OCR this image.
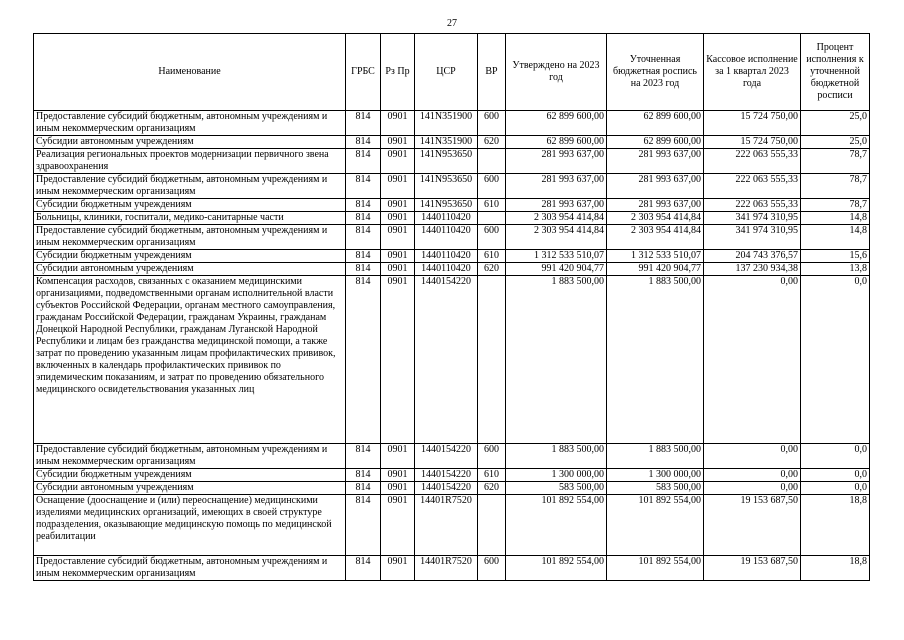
27
Наименование	ГРБС	Рз Пр	ЦСР	ВР	Утверждено на 2023 год	Уточненная бюджетная роспись на 2023 год	Кассовое исполнение за 1 квартал 2023 года	Процент исполнения к уточненной бюджетной росписи
Предоставление субсидий бюджетным, автономным учреждениям и иным некоммерческим организациям	814	0901	141N351900	600	62 899 600,00	62 899 600,00	15 724 750,00	25,0
Субсидии автономным учреждениям	814	0901	141N351900	620	62 899 600,00	62 899 600,00	15 724 750,00	25,0
Реализация региональных проектов модернизации первичного звена здравоохранения	814	0901	141N953650		281 993 637,00	281 993 637,00	222 063 555,33	78,7
Предоставление субсидий бюджетным, автономным учреждениям и иным некоммерческим организациям	814	0901	141N953650	600	281 993 637,00	281 993 637,00	222 063 555,33	78,7
Субсидии бюджетным учреждениям	814	0901	141N953650	610	281 993 637,00	281 993 637,00	222 063 555,33	78,7
Больницы, клиники, госпитали, медико-санитарные части	814	0901	1440110420		2 303 954 414,84	2 303 954 414,84	341 974 310,95	14,8
Предоставление субсидий бюджетным, автономным учреждениям и иным некоммерческим организациям	814	0901	1440110420	600	2 303 954 414,84	2 303 954 414,84	341 974 310,95	14,8
Субсидии бюджетным учреждениям	814	0901	1440110420	610	1 312 533 510,07	1 312 533 510,07	204 743 376,57	15,6
Субсидии автономным учреждениям	814	0901	1440110420	620	991 420 904,77	991 420 904,77	137 230 934,38	13,8
Компенсация расходов, связанных с оказанием медицинскими организациями, подведомственными органам исполнительной власти субъектов Российской Федерации, органам местного самоуправления, гражданам Российской Федерации, гражданам Украины, гражданам Донецкой Народной Республики, гражданам Луганской Народной Республики и лицам без гражданства медицинской помощи, а также затрат по проведению указанным лицам профилактических прививок, включенных в календарь профилактических прививок по эпидемическим показаниям, и затрат по проведению обязательного медицинского освидетельствования указанных лиц	814	0901	1440154220		1 883 500,00	1 883 500,00	0,00	0,0
Предоставление субсидий бюджетным, автономным учреждениям и иным некоммерческим организациям	814	0901	1440154220	600	1 883 500,00	1 883 500,00	0,00	0,0
Субсидии бюджетным учреждениям	814	0901	1440154220	610	1 300 000,00	1 300 000,00	0,00	0,0
Субсидии автономным учреждениям	814	0901	1440154220	620	583 500,00	583 500,00	0,00	0,0
Оснащение (дооснащение и (или) переоснащение) медицинскими изделиями медицинских организаций, имеющих в своей структуре подразделения, оказывающие медицинскую помощь по медицинской реабилитации	814	0901	14401R7520		101 892 554,00	101 892 554,00	19 153 687,50	18,8
Предоставление субсидий бюджетным, автономным учреждениям и иным некоммерческим организациям	814	0901	14401R7520	600	101 892 554,00	101 892 554,00	19 153 687,50	18,8
